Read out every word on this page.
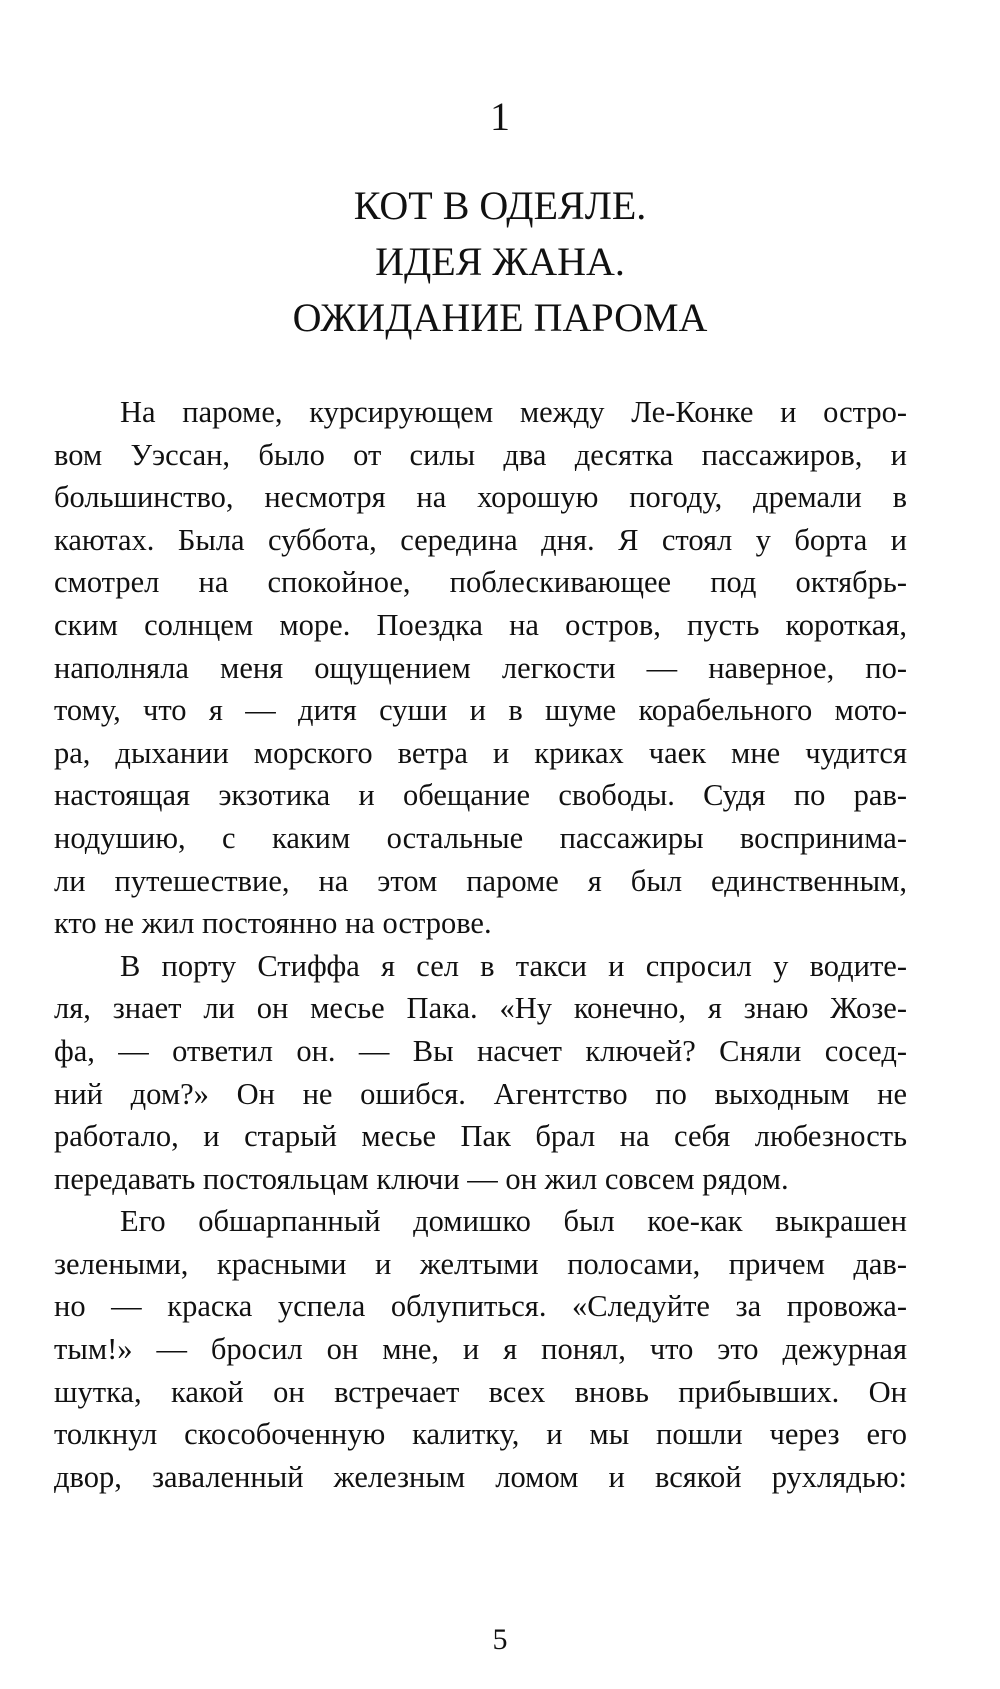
1
КОТ В ОДЕЯЛЕ.
ИДЕЯ ЖАНА.
ОЖИДАНИЕ ПАРОМА
На пароме, курсирующем между Ле-Конке и остро-
вом Уэссан, было от силы два десятка пассажиров, и
большинство, несмотря на хорошую погоду, дремали в
каютах. Была суббота, середина дня. Я стоял у борта и
смотрел на спокойное, поблескивающее под октябрь-
ским солнцем море. Поездка на остров, пусть короткая,
наполняла меня ощущением легкости — наверное, по-
тому, что я — дитя суши и в шуме корабельного мото-
ра, дыхании морского ветра и криках чаек мне чудится
настоящая экзотика и обещание свободы. Судя по рав-
нодушию, с каким остальные пассажиры воспринима-
ли путешествие, на этом пароме я был единственным,
кто не жил постоянно на острове.
В порту Стиффа я сел в такси и спросил у водите-
ля, знает ли он месье Пака. «Ну конечно, я знаю Жозе-
фа, — ответил он. — Вы насчет ключей? Сняли сосед-
ний дом?» Он не ошибся. Агентство по выходным не
работало, и старый месье Пак брал на себя любезность
передавать постояльцам ключи — он жил совсем рядом.
Его обшарпанный домишко был кое-как выкрашен
зелеными, красными и желтыми полосами, причем дав-
но — краска успела облупиться. «Следуйте за провожа-
тым!» — бросил он мне, и я понял, что это дежурная
шутка, какой он встречает всех вновь прибывших. Он
толкнул скособоченную калитку, и мы пошли через его
двор, заваленный железным ломом и всякой рухлядью:
5
